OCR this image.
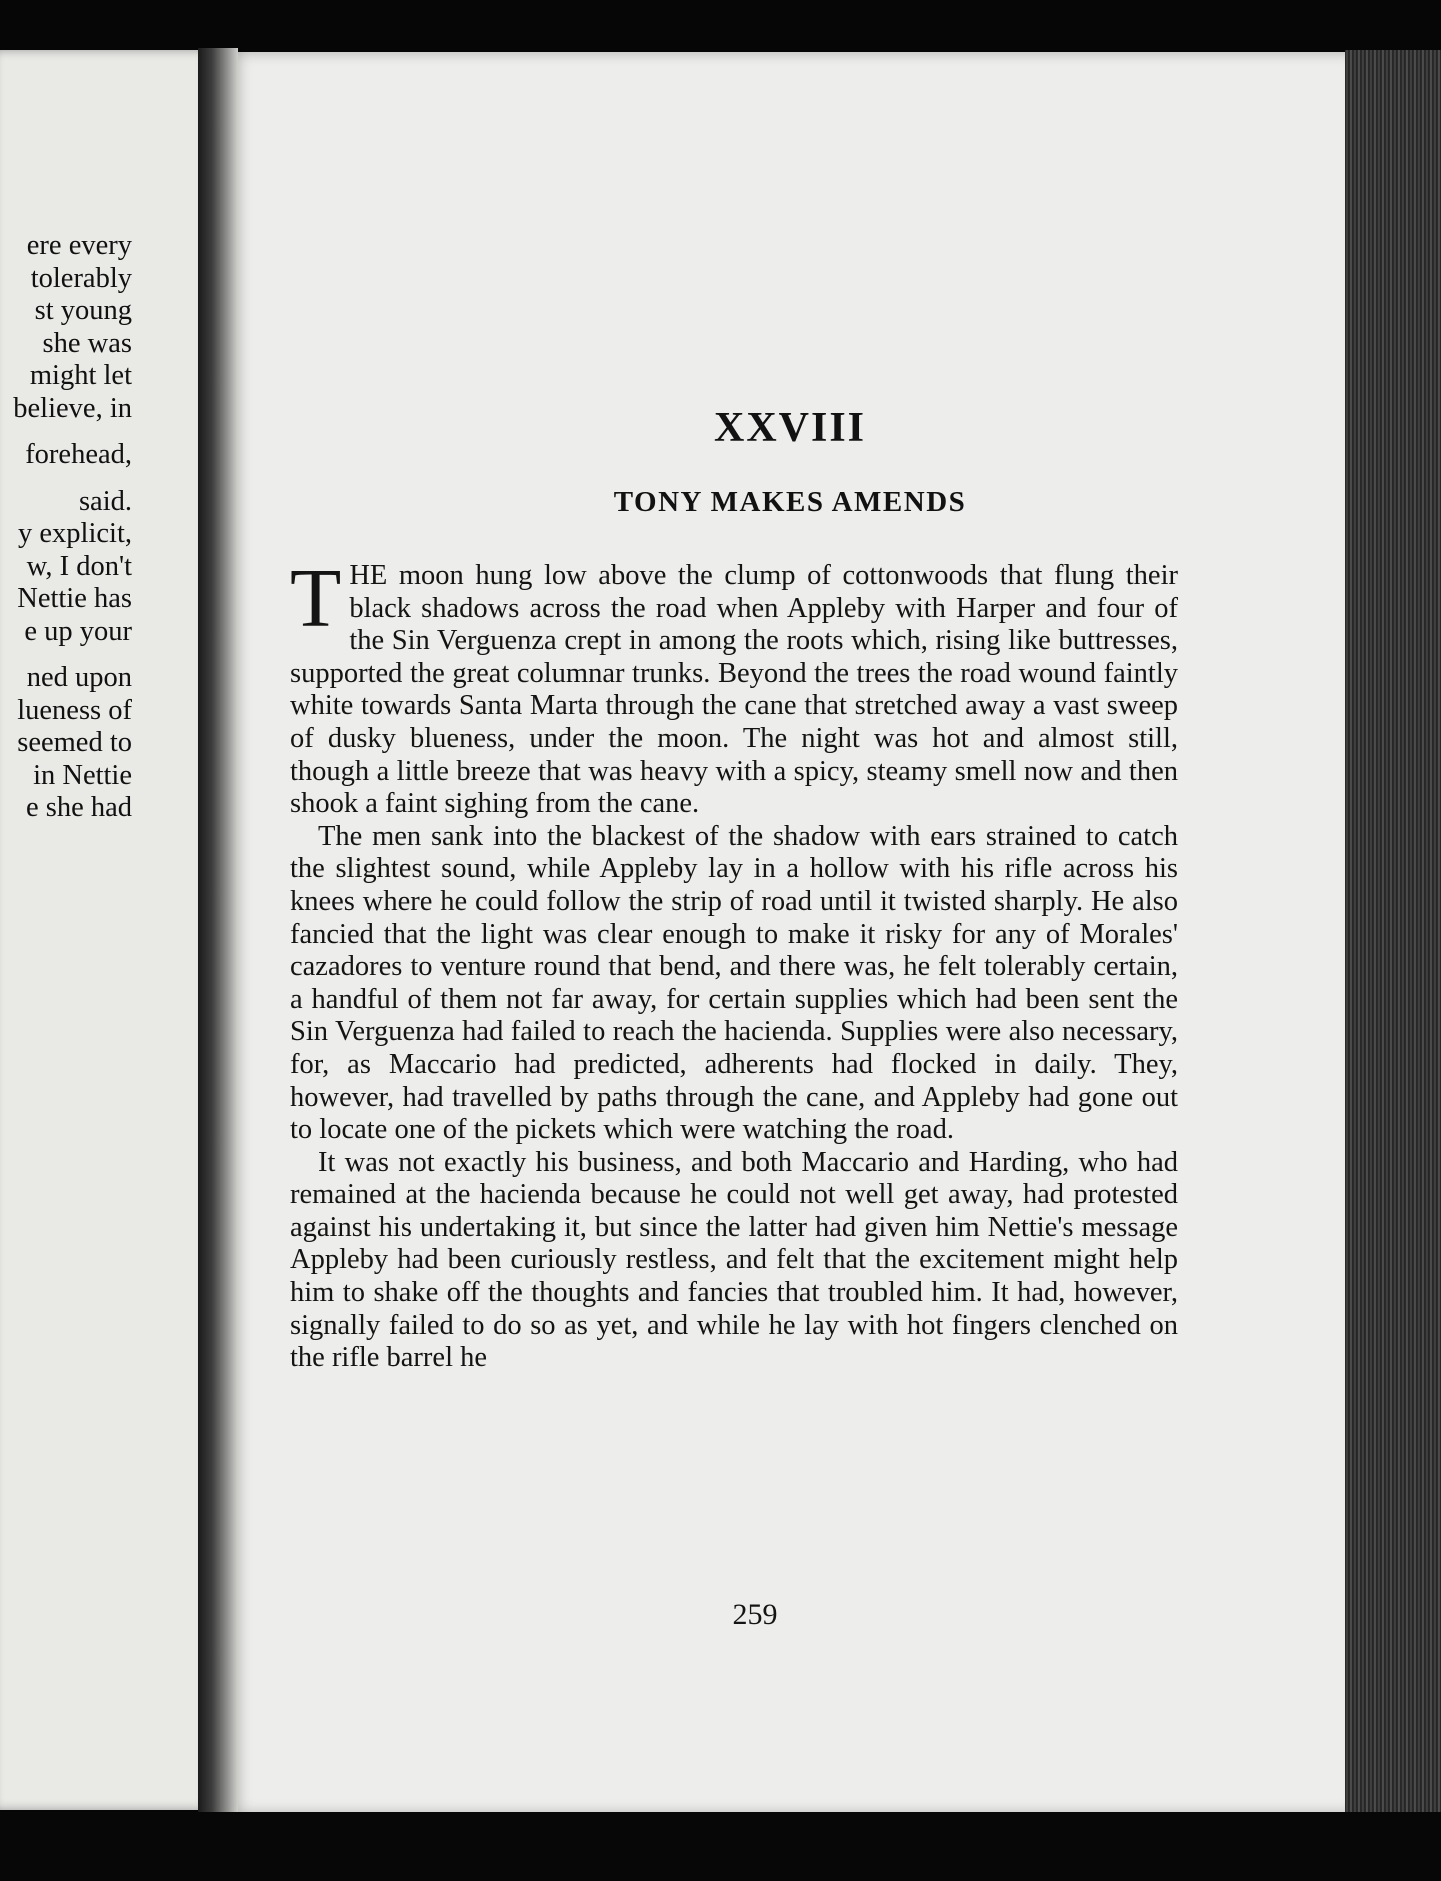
ere every
tolerably
st young
she was
might let
believe, in
forehead,
said.
y explicit,
w, I don't
Nettie has
e up your
ned upon
lueness of
seemed to
in Nettie
e she had
XXVIII
TONY MAKES AMENDS

THE moon hung low above the clump of cottonwoods that flung their black shadows across the road when Appleby with Harper and four of the Sin Verguenza crept in among the roots which, rising like buttresses, supported the great columnar trunks. Beyond the trees the road wound faintly white towards Santa Marta through the cane that stretched away a vast sweep of dusky blueness, under the moon. The night was hot and almost still, though a little breeze that was heavy with a spicy, steamy smell now and then shook a faint sighing from the cane.

The men sank into the blackest of the shadow with ears strained to catch the slightest sound, while Appleby lay in a hollow with his rifle across his knees where he could follow the strip of road until it twisted sharply. He also fancied that the light was clear enough to make it risky for any of Morales' cazadores to venture round that bend, and there was, he felt tolerably certain, a handful of them not far away, for certain supplies which had been sent the Sin Verguenza had failed to reach the hacienda. Supplies were also necessary, for, as Maccario had predicted, adherents had flocked in daily. They, however, had travelled by paths through the cane, and Appleby had gone out to locate one of the pickets which were watching the road.

It was not exactly his business, and both Maccario and Harding, who had remained at the hacienda because he could not well get away, had protested against his undertaking it, but since the latter had given him Nettie's message Appleby had been curiously restless, and felt that the excitement might help him to shake off the thoughts and fancies that troubled him. It had, however, signally failed to do so as yet, and while he lay with hot fingers clenched on the rifle barrel he

259
